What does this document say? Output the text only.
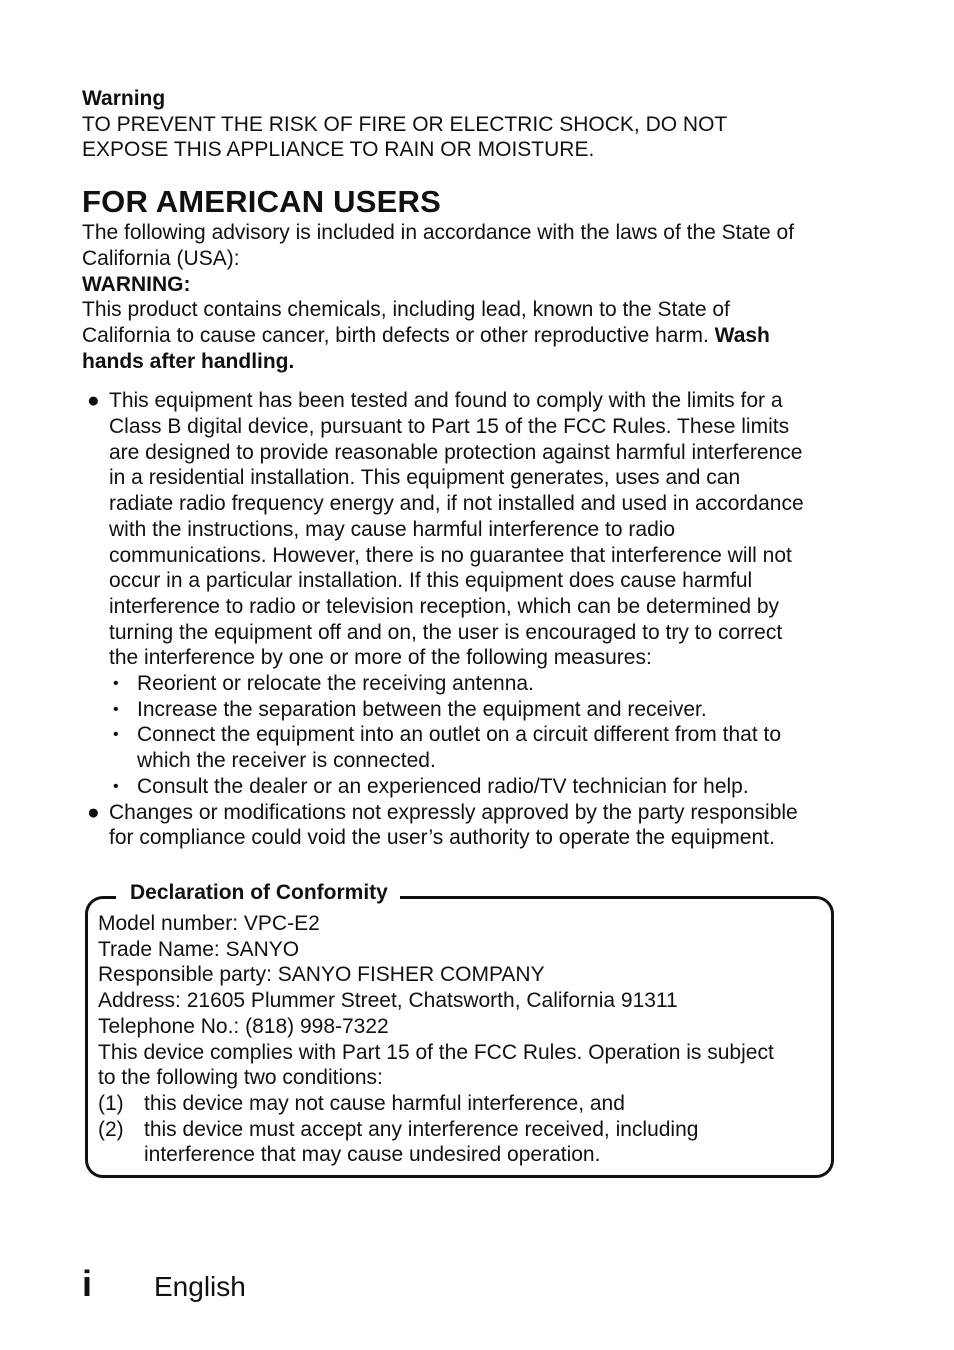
Warning
TO PREVENT THE RISK OF FIRE OR ELECTRIC SHOCK, DO NOT
EXPOSE THIS APPLIANCE TO RAIN OR MOISTURE.
FOR AMERICAN USERS
The following advisory is included in accordance with the laws of the State of
California (USA):
WARNING:
This product contains chemicals, including lead, known to the State of
California to cause cancer, birth defects or other reproductive harm. Wash
hands after handling.
● This equipment has been tested and found to comply with the limits for a
Class B digital device, pursuant to Part 15 of the FCC Rules. These limits
are designed to provide reasonable protection against harmful interference
in a residential installation. This equipment generates, uses and can
radiate radio frequency energy and, if not installed and used in accordance
with the instructions, may cause harmful interference to radio
communications. However, there is no guarantee that interference will not
occur in a particular installation. If this equipment does cause harmful
interference to radio or television reception, which can be determined by
turning the equipment off and on, the user is encouraged to try to correct
the interference by one or more of the following measures:
• Reorient or relocate the receiving antenna.
• Increase the separation between the equipment and receiver.
• Connect the equipment into an outlet on a circuit different from that to
which the receiver is connected.
• Consult the dealer or an experienced radio/TV technician for help.
● Changes or modifications not expressly approved by the party responsible
for compliance could void the user’s authority to operate the equipment.
Declaration of Conformity
Model number: VPC-E2
Trade Name: SANYO
Responsible party: SANYO FISHER COMPANY
Address: 21605 Plummer Street, Chatsworth, California 91311
Telephone No.: (818) 998-7322
This device complies with Part 15 of the FCC Rules. Operation is subject
to the following two conditions:
(1) this device may not cause harmful interference, and
(2) this device must accept any interference received, including
interference that may cause undesired operation.
i English
